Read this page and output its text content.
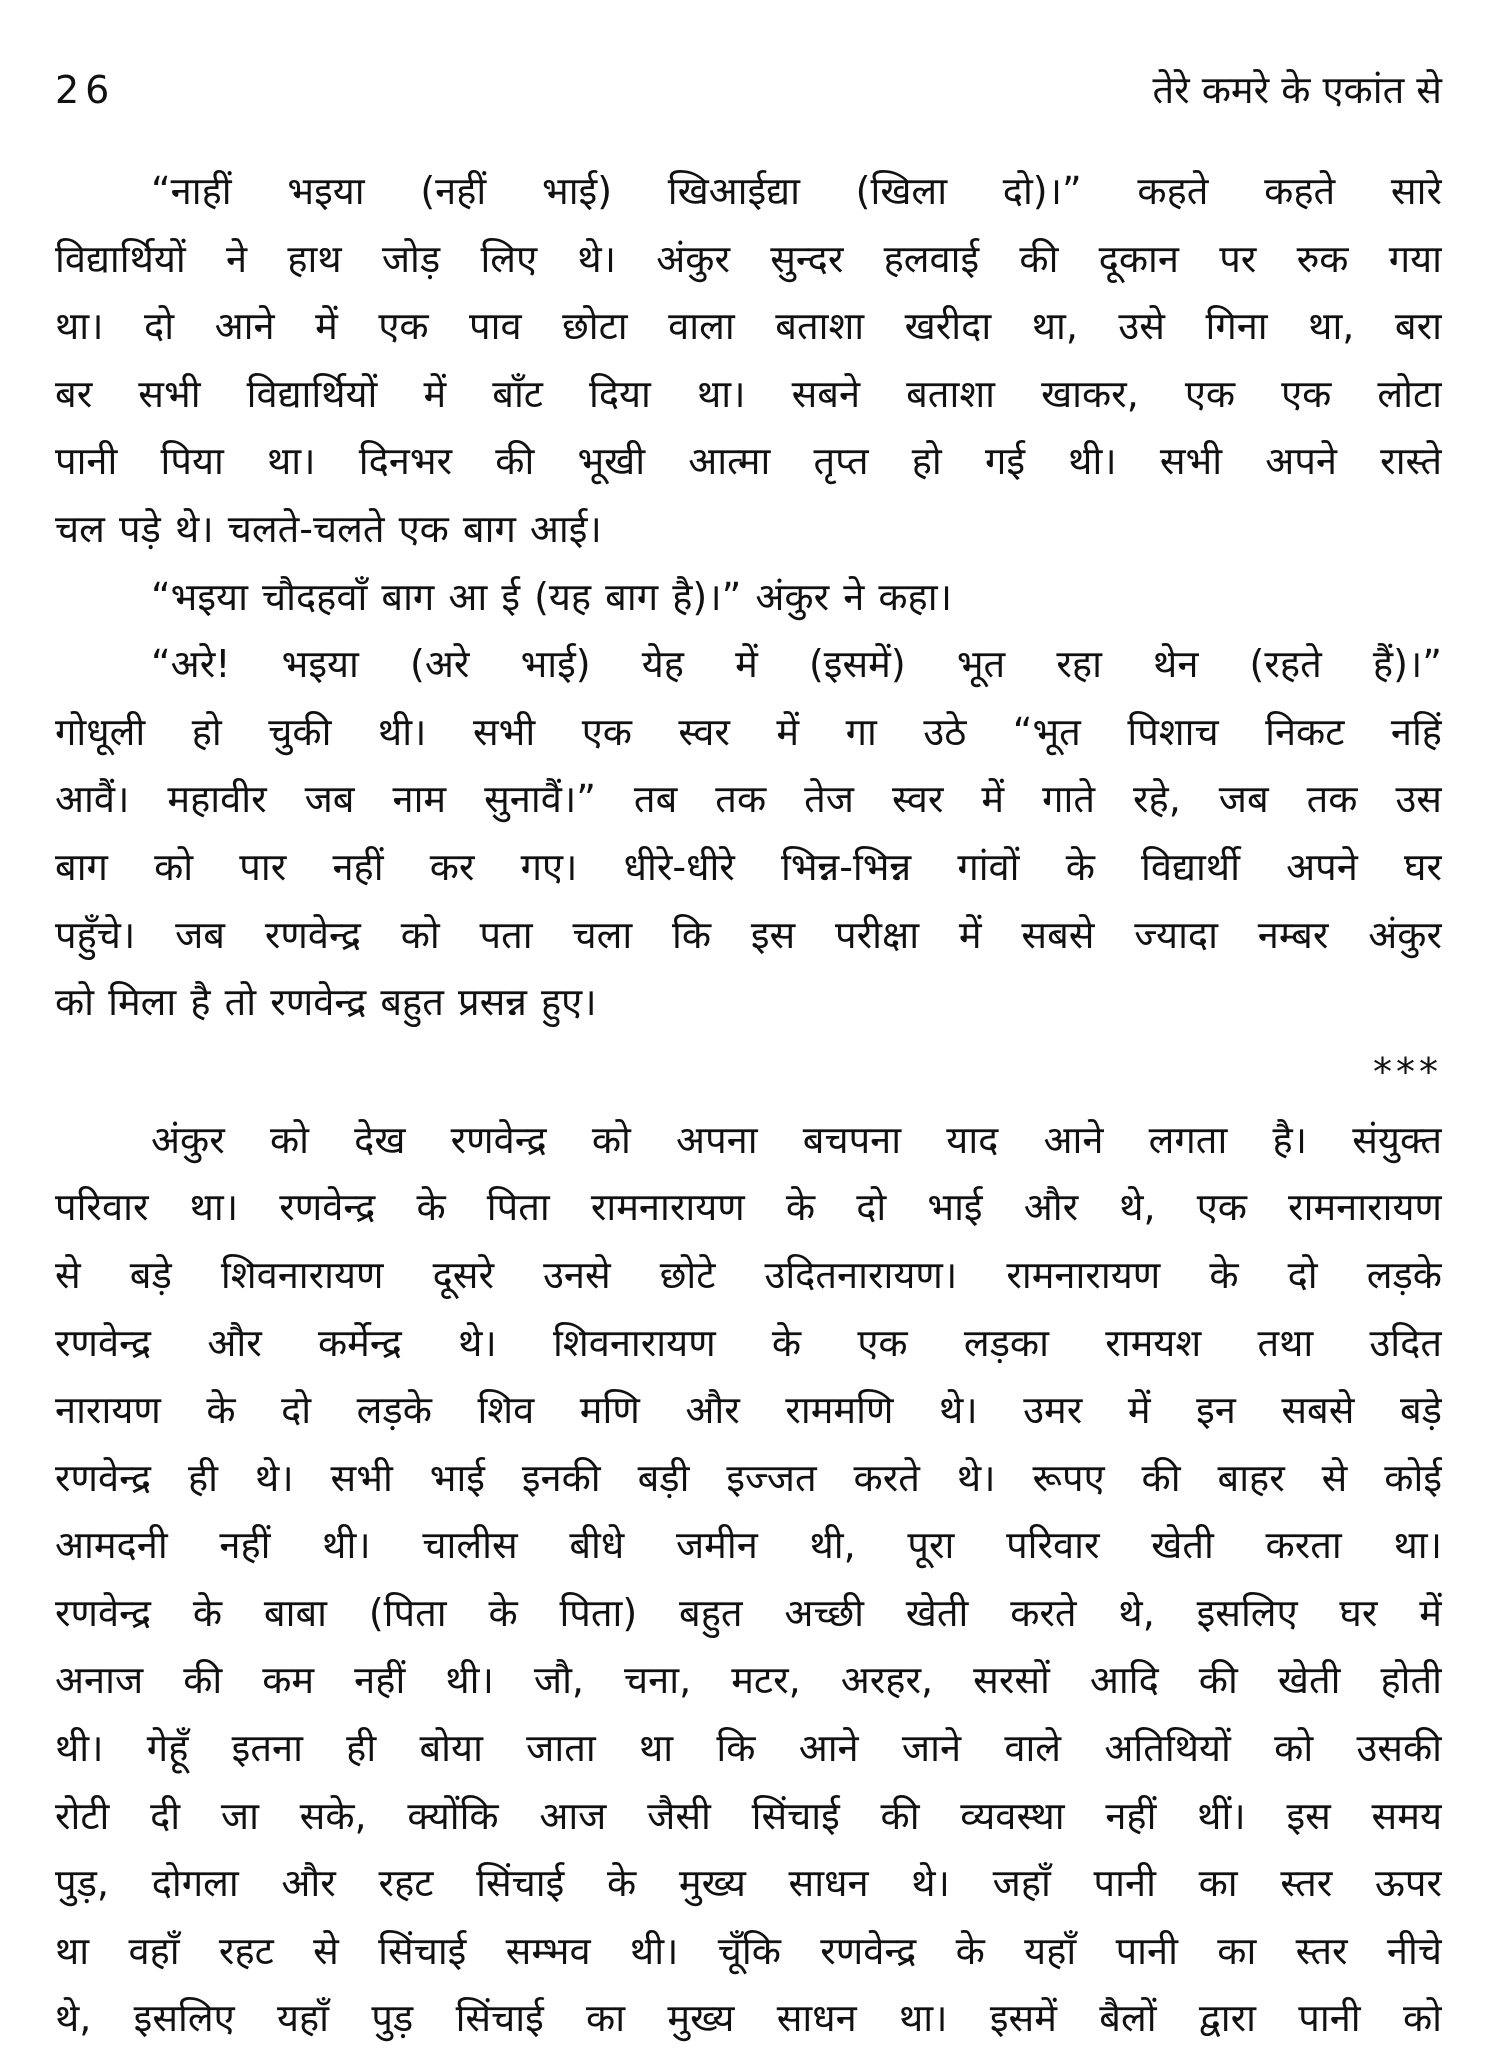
26	तेरे कमरे के एकांत से
“नाहीं भइया (नहीं भाई) खिआईद्या (खिला दो)।” कहते कहते सारे
विद्यार्थियों ने हाथ जोड़ लिए थे। अंकुर सुन्दर हलवाई की दूकान पर रुक गया
था। दो आने में एक पाव छोटा वाला बताशा खरीदा था, उसे गिना था, बरा
बर सभी विद्यार्थियों में बाँट दिया था। सबने बताशा खाकर, एक एक लोटा
पानी पिया था। दिनभर की भूखी आत्मा तृप्त हो गई थी। सभी अपने रास्ते
चल पड़े थे। चलते-चलते एक बाग आई।
“भइया चौदहवाँ बाग आ ई (यह बाग है)।” अंकुर ने कहा।
“अरे! भइया (अरे भाई) येह में (इसमें) भूत रहा थेन (रहते हैं)।”
गोधूली हो चुकी थी। सभी एक स्वर में गा उठे “भूत पिशाच निकट नहिं
आवैं। महावीर जब नाम सुनावैं।” तब तक तेज स्वर में गाते रहे, जब तक उस
बाग को पार नहीं कर गए। धीरे-धीरे भिन्न-भिन्न गांवों के विद्यार्थी अपने घर
पहुँचे। जब रणवेन्द्र को पता चला कि इस परीक्षा में सबसे ज्यादा नम्बर अंकुर
को मिला है तो रणवेन्द्र बहुत प्रसन्न हुए।
***
अंकुर को देख रणवेन्द्र को अपना बचपना याद आने लगता है। संयुक्त
परिवार था। रणवेन्द्र के पिता रामनारायण के दो भाई और थे, एक रामनारायण
से बड़े शिवनारायण दूसरे उनसे छोटे उदितनारायण। रामनारायण के दो लड़के
रणवेन्द्र और कर्मेन्द्र थे। शिवनारायण के एक लड़का रामयश तथा उदित
नारायण के दो लड़के शिव मणि और राममणि थे। उमर में इन सबसे बड़े
रणवेन्द्र ही थे। सभी भाई इनकी बड़ी इज्जत करते थे। रूपए की बाहर से कोई
आमदनी नहीं थी। चालीस बीधे जमीन थी, पूरा परिवार खेती करता था।
रणवेन्द्र के बाबा (पिता के पिता) बहुत अच्छी खेती करते थे, इसलिए घर में
अनाज की कम नहीं थी। जौ, चना, मटर, अरहर, सरसों आदि की खेती होती
थी। गेहूँ इतना ही बोया जाता था कि आने जाने वाले अतिथियों को उसकी
रोटी दी जा सके, क्योंकि आज जैसी सिंचाई की व्यवस्था नहीं थीं। इस समय
पुड़, दोगला और रहट सिंचाई के मुख्य साधन थे। जहाँ पानी का स्तर ऊपर
था वहाँ रहट से सिंचाई सम्भव थी। चूँकि रणवेन्द्र के यहाँ पानी का स्तर नीचे
थे, इसलिए यहाँ पुड़ सिंचाई का मुख्य साधन था। इसमें बैलों द्वारा पानी को
